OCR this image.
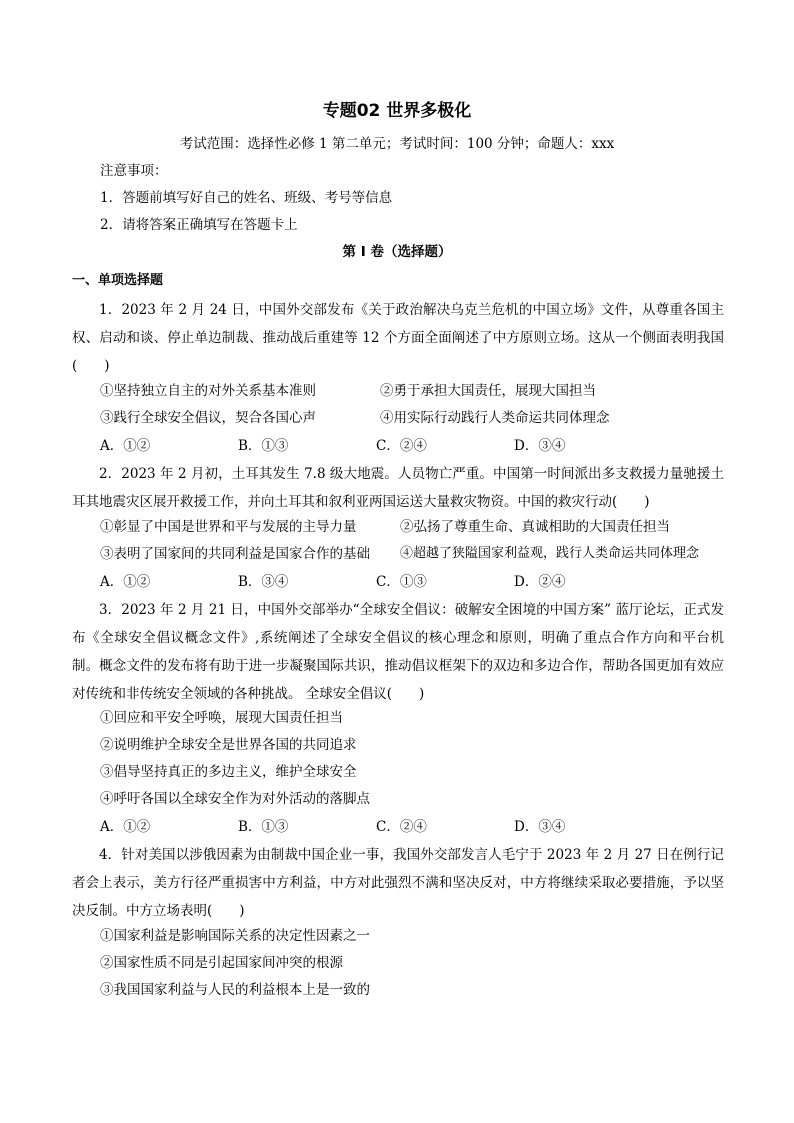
专题02 世界多极化
考试范围：选择性必修 1 第二单元；考试时间：100 分钟；命题人：xxx
注意事项：
1．答题前填写好自己的姓名、班级、考号等信息
2．请将答案正确填写在答题卡上
第 I 卷（选择题）
一、单项选择题
1．2023 年 2 月 24 日，中国外交部发布《关于政治解决乌克兰危机的中国立场》文件，从尊重各国主权、启动和谈、停止单边制裁、推动战后重建等 12 个方面全面阐述了中方原则立场。这从一个侧面表明我国(　　)
①坚持独立自主的对外关系基本准则	②勇于承担大国责任，展现大国担当
③践行全球安全倡议，契合各国心声	④用实际行动践行人类命运共同体理念
A．①②	B．①③	C．②④	D．③④
2．2023 年 2 月初，土耳其发生 7.8 级大地震。人员物亡严重。中国第一时间派出多支救援力量驰援土耳其地震灾区展开救援工作，并向土耳其和叙利亚两国运送大量救灾物资。中国的救灾行动(　　)
①彰显了中国是世界和平与发展的主导力量	②弘扬了尊重生命、真诚相助的大国责任担当
③表明了国家间的共同利益是国家合作的基础 ④超越了狭隘国家利益观，践行人类命运共同体理念
A．①②	B．③④	C．①③	D．②④
3．2023 年 2 月 21 日，中国外交部举办“全球安全倡议：破解安全困境的中国方案” 蓝厅论坛，正式发布《全球安全倡议概念文件》,系统阐述了全球安全倡议的核心理念和原则，明确了重点合作方向和平台机制。概念文件的发布将有助于进一步凝聚国际共识，推动倡议框架下的双边和多边合作，帮助各国更加有效应对传统和非传统安全领域的各种挑战。 全球安全倡议(　　)
①回应和平安全呼唤，展现大国责任担当
②说明维护全球安全是世界各国的共同追求
③倡导坚持真正的多边主义，维护全球安全
④呼吁各国以全球安全作为对外活动的落脚点
A．①②	B．①③	C．②④	D．③④
4．针对美国以涉俄因素为由制裁中国企业一事，我国外交部发言人毛宁于 2023 年 2 月 27 日在例行记者会上表示，美方行径严重损害中方利益，中方对此强烈不满和坚决反对，中方将继续采取必要措施，予以坚决反制。中方立场表明(　　)
①国家利益是影响国际关系的决定性因素之一
②国家性质不同是引起国家间冲突的根源
③我国国家利益与人民的利益根本上是一致的
